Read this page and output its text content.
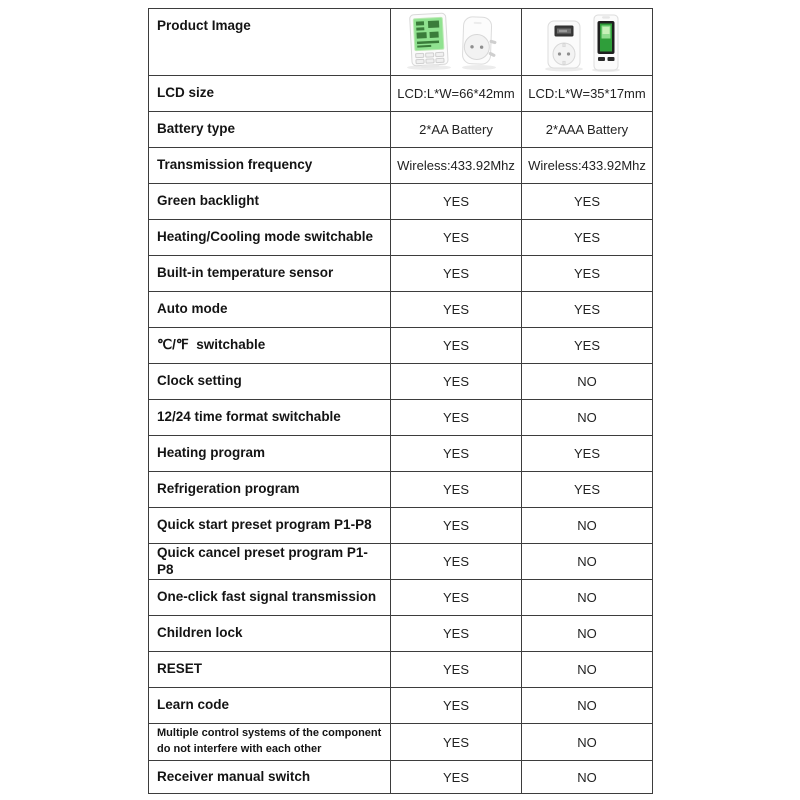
Product Image	

LCD size	LCD:L*W=66*42mm	LCD:L*W=35*17mm
Battery type	2*AA Battery	2*AAA Battery
Transmission frequency	Wireless:433.92Mhz	Wireless:433.92Mhz
Green backlight	YES	YES
Heating/Cooling mode switchable	YES	YES
Built-in temperature sensor	YES	YES
Auto mode	YES	YES
℃/℉  switchable	YES	YES
Clock setting	YES	NO
12/24 time format switchable	YES	NO
Heating program	YES	YES
Refrigeration program	YES	YES
Quick start preset program P1-P8	YES	NO
Quick cancel preset program P1-P8	YES	NO
One-click fast signal transmission	YES	NO
Children lock	YES	NO
RESET	YES	NO
Learn code	YES	NO
Multiple control systems of the component do not interfere with each other	YES	NO
Receiver manual switch	YES	NO
